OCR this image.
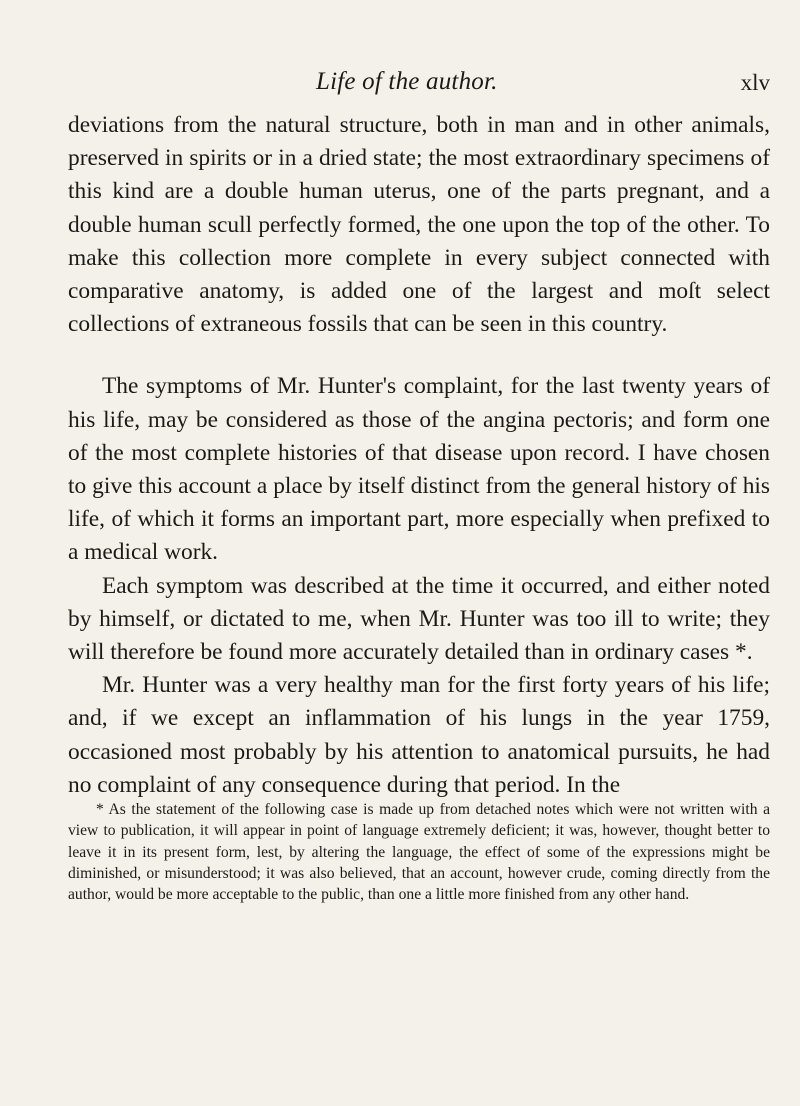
Life of the author.	xlv

deviations from the natural structure, both in man and in other animals, preserved in spirits or in a dried state; the most extraordinary specimens of this kind are a double human uterus, one of the parts pregnant, and a double human scull perfectly formed, the one upon the top of the other. To make this collection more complete in every subject connected with comparative anatomy, is added one of the largest and moſt select collections of extraneous fossils that can be seen in this country.

The symptoms of Mr. Hunter's complaint, for the last twenty years of his life, may be considered as those of the angina pectoris; and form one of the most complete histories of that disease upon record. I have chosen to give this account a place by itself distinct from the general history of his life, of which it forms an important part, more especially when prefixed to a medical work.

Each symptom was described at the time it occurred, and either noted by himself, or dictated to me, when Mr. Hunter was too ill to write; they will therefore be found more accurately detailed than in ordinary cases *.

Mr. Hunter was a very healthy man for the first forty years of his life; and, if we except an inflammation of his lungs in the year 1759, occasioned most probably by his attention to anatomical pursuits, he had no complaint of any consequence during that period. In the

* As the statement of the following case is made up from detached notes which were not written with a view to publication, it will appear in point of language extremely deficient; it was, however, thought better to leave it in its present form, lest, by altering the language, the effect of some of the expressions might be diminished, or misunderstood; it was also believed, that an account, however crude, coming directly from the author, would be more acceptable to the public, than one a little more finished from any other hand.
